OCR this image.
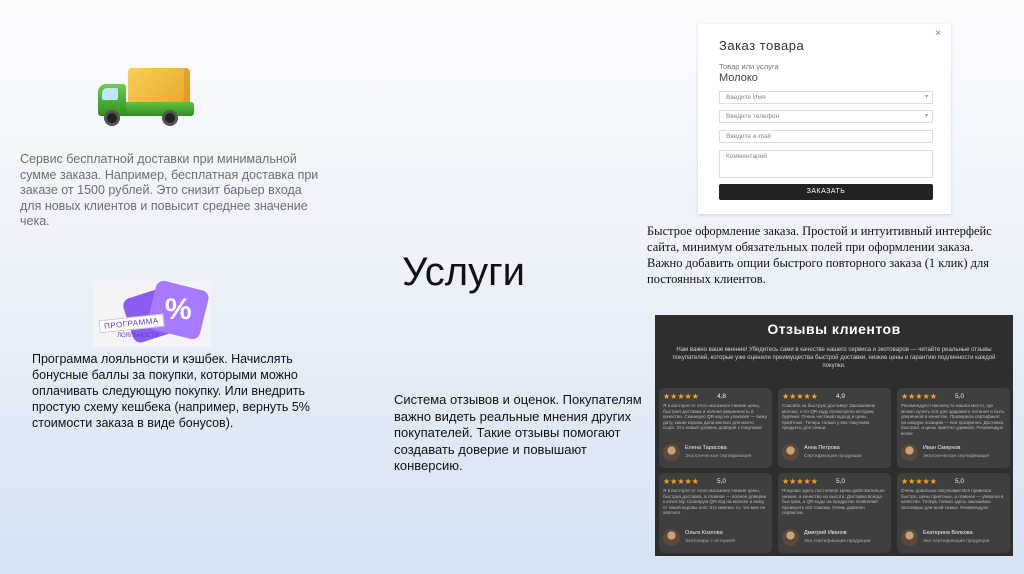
Сервис бесплатной доставки при минимальной сумме заказа. Например, бесплатная доставка при заказе от 1500 рублей. Это снизит барьер входа для новых клиентов и повысит среднее значение чека.
%
ПРОГРАММА
ЛОЯЛЬНОСТИ
Программа лояльности и кэшбек. Начислять бонусные баллы за покупки, которыми можно оплачивать следующую покупку. Или внедрить простую схему кешбека (например, вернуть 5% стоимости заказа в виде бонусов).
Услуги
Система отзывов и оценок. Покупателям важно видеть реальные мнения других покупателей. Такие отзывы помогают создавать доверие и повышают конверсию.
Быстрое оформление заказа. Простой и интуитивный интерфейс сайта, минимум обязательных полей при оформлении заказа. Важно добавить опции быстрого повторного заказа (1 клик) для постоянных клиентов.
Заказ товара
×
Товар или услуга
Молоко
Введите Имя	▾
Введите телефон	▾
Введите e-mail
Комментарий
ЗАКАЗАТЬ
Отзывы клиентов
Нам важно ваше мнение! Убедитесь сами в качестве нашего сервиса и экотоваров — читайте реальные отзывы покупателей, которые уже оценили преимущества быстрой доставки, низкие цены и гарантию подлинности каждой покупки.
★★★★★	4,8
Я в восторге от этого магазина! Низкие цены, быстрая доставка и полная уверенность в качестве. Сканирую QR-код на упаковке — вижу дату, какая корова дала молоко для моего сыра. Это новый уровень доверия к покупкам!
Елена Тарасова
Экологическая сертификация
★★★★★	4,9
Спасибо за быструю доставку! Заказываем молоко, и по QR-коду посмотрели историю бурёнки. Очень честный подход и цены приятные. Теперь только у вас покупаем продукты для семьи.
Анна Петрова
Сертификация продукции
★★★★★	5,0
Рекомендую! Наконец-то нашла место, где можно купить всё для здорового питания и быть уверенной в качестве. Проверила сертификат на каждую позицию — всё прозрачно. Доставка быстрая, а цены приятно удивили. Рекомендую всем!
Иван Смирнов
Экологическая сертификация
★★★★★	5,0
Я в восторге от этого магазина! Низкие цены, быстрая доставка, а главное — полное доверие к качеству. Сканирую QR-код на молоке и вижу, от какой коровы оно! Это именно то, что мне не хватало.
Ольга Козлова
Экотовары с историей
★★★★★	5,0
Покупаю здесь постоянно! Цены действительно низкие, а качество на высоте. Доставка всегда быстрая, а QR-коды на продуктах позволяют проверить всё самому. Очень доволен сервисом.
Дмитрий Иванов
Эко-сертификация продукции
★★★★★	5,0
Очень довольна покупками! Всё привезли быстро, цены приятные, а главное — уверена в качестве. Теперь только здесь заказываю экотовары для всей семьи. Рекомендую!
Екатерина Волкова
Эко-сертификация продукции
